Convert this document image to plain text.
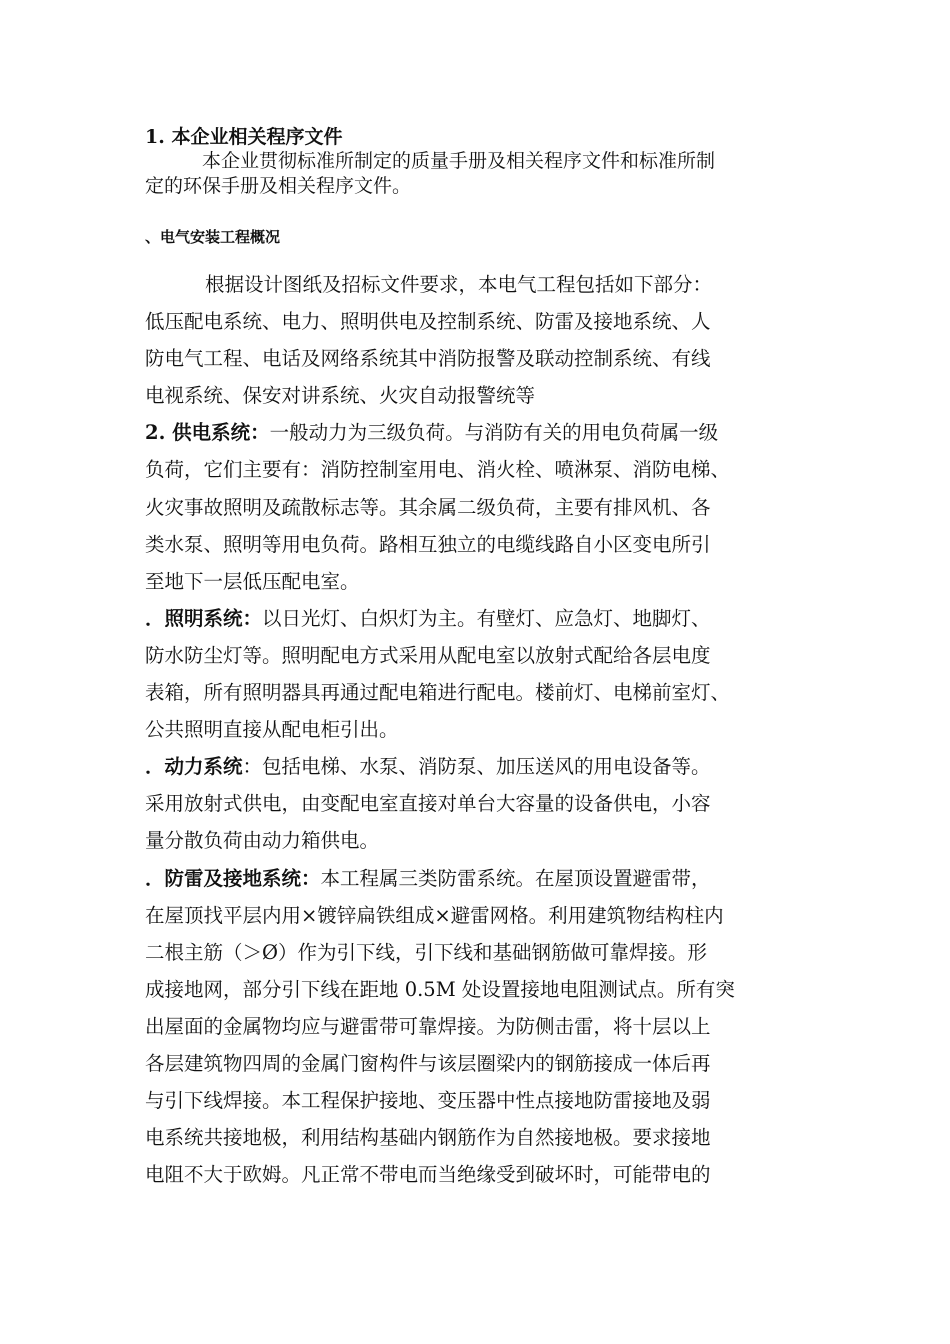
1. 本企业相关程序文件

本企业贯彻标准所制定的质量手册及相关程序文件和标准所制
定的环保手册及相关程序文件。

、电气安装工程概况

根据设计图纸及招标文件要求，本电气工程包括如下部分：
低压配电系统、电力、照明供电及控制系统、防雷及接地系统、人
防电气工程、电话及网络系统其中消防报警及联动控制系统、有线
电视系统、保安对讲系统、火灾自动报警统等

2. 供电系统：一般动力为三级负荷。与消防有关的用电负荷属一级
负荷，它们主要有：消防控制室用电、消火栓、喷淋泵、消防电梯、
火灾事故照明及疏散标志等。其余属二级负荷，主要有排风机、各
类水泵、照明等用电负荷。路相互独立的电缆线路自小区变电所引
至地下一层低压配电室。

．照明系统：以日光灯、白炽灯为主。有壁灯、应急灯、地脚灯、
防水防尘灯等。照明配电方式采用从配电室以放射式配给各层电度
表箱，所有照明器具再通过配电箱进行配电。楼前灯、电梯前室灯、
公共照明直接从配电柜引出。

．动力系统：包括电梯、水泵、消防泵、加压送风的用电设备等。
采用放射式供电，由变配电室直接对单台大容量的设备供电，小容
量分散负荷由动力箱供电。

．防雷及接地系统：本工程属三类防雷系统。在屋顶设置避雷带，
在屋顶找平层内用×镀锌扁铁组成×避雷网格。利用建筑物结构柱内
二根主筋（＞Ø）作为引下线，引下线和基础钢筋做可靠焊接。形
成接地网，部分引下线在距地 0.5M 处设置接地电阻测试点。所有突
出屋面的金属物均应与避雷带可靠焊接。为防侧击雷，将十层以上
各层建筑物四周的金属门窗构件与该层圈梁内的钢筋接成一体后再
与引下线焊接。本工程保护接地、变压器中性点接地防雷接地及弱
电系统共接地极，利用结构基础内钢筋作为自然接地极。要求接地
电阻不大于欧姆。凡正常不带电而当绝缘受到破坏时，可能带电的
